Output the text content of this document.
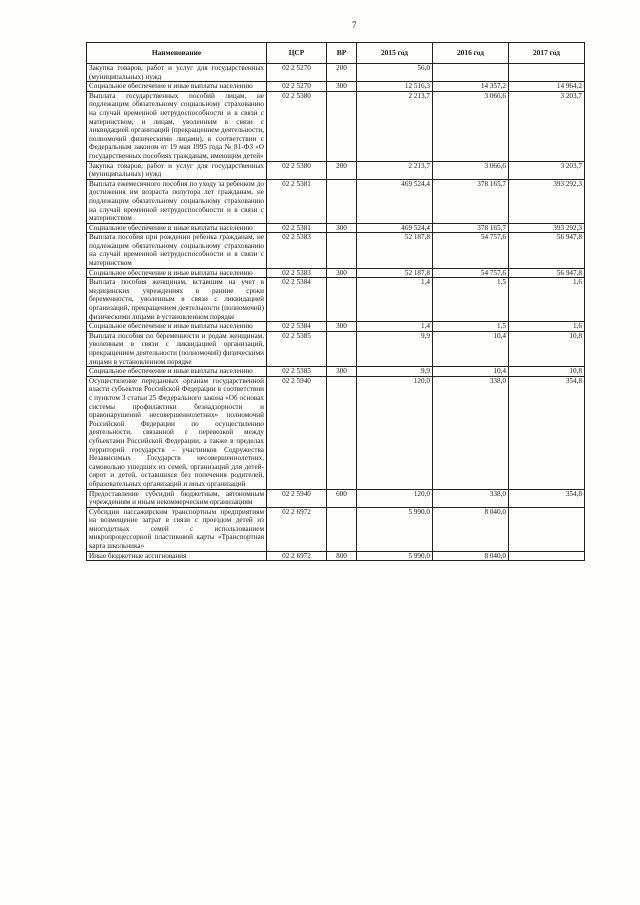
7
Наименование	ЦСР	ВР	2015 год	2016 год	2017 год
Закупка товаров, работ и услуг для государственных (муниципальных) нужд	02 2 5270	200	56,0		
Социальное обеспечение и иные выплаты населению	02 2 5270	300	12 516,3	14 357,2	14 964,2
Выплата государственных пособий лицам, не подлежащим обязательному социальному страхованию на случай временной нетрудоспособности и в связи с материнством, и лицам, уволенным в связи с ликвидацией организаций (прекращением деятельности, полномочий физическими лицами), в соответствии с Федеральным законом от 19 мая 1995 года № 81-ФЗ «О государственных пособиях гражданам, имеющим детей»	02 2 5380		2 213,7	3 066,6	3 203,7
Закупка товаров, работ и услуг для государственных (муниципальных) нужд	02 2 5380	200	2 213,7	3 066,6	3 203,7
Выплата ежемесячного пособия по уходу за ребенком до достижения им возраста полутора лет гражданам, не подлежащим обязательному социальному страхованию на случай временной нетрудоспособности и в связи с материнством	02 2 5381		469 524,4	378 165,7	393 292,3
Социальное обеспечение и иные выплаты населению	02 2 5381	300	469 524,4	378 165,7	393 292,3
Выплата пособия при рождении ребенка гражданам, не подлежащим обязательному социальному страхованию на случай временной нетрудоспособности и в связи с материнством	02 2 5383		52 187,8	54 757,6	56 947,8
Социальное обеспечение и иные выплаты населению	02 2 5383	300	52 187,8	54 757,6	56 947,8
Выплата пособия женщинам, вставшим на учет в медицинских учреждениях в ранние сроки беременности, уволенным в связи с ликвидацией организаций, прекращением деятельности (полномочий) физическими лицами в установленном порядке	02 2 5384		1,4	1,5	1,6
Социальное обеспечение и иные выплаты населению	02 2 5384	300	1,4	1,5	1,6
Выплата пособия по беременности и родам женщинам, уволенным в связи с ликвидацией организаций, прекращением деятельности (полномочий) физическими лицами в установленном порядке	02 2 5385		9,9	10,4	10,8
Социальное обеспечение и иные выплаты населению	02 2 5385	300	9,9	10,4	10,8
Осуществление переданных органам государственной власти субъектов Российской Федерации в соответствии с пунктом 3 статьи 25 Федерального закона «Об основах системы профилактики безнадзорности и правонарушений несовершеннолетних» полномочий Российской Федерации по осуществлению деятельности, связанной с перевозкой между субъектами Российской Федерации, а также в пределах территорий государств - участников Содружества Независимых Государств несовершеннолетних, самовольно ушедших из семей, организаций для детей-сирот и детей, оставшихся без попечения родителей, образовательных организаций и иных организаций	02 2 5940		120,0	338,0	354,8
Предоставление субсидий бюджетным, автономным учреждениям и иным некоммерческим организациям	02 2 5940	600	120,0	338,0	354,8
Субсидии пассажирским транспортным предприятиям на возмещение затрат в связи с проездом детей из многодетных семей с использованием микропроцессорной пластиковой карты «Транспортная карта школьника»	02 2 6972		5 990,0	8 040,0	
Иные бюджетные ассигнования	02 2 6972	800	5 990,0	8 040,0	
